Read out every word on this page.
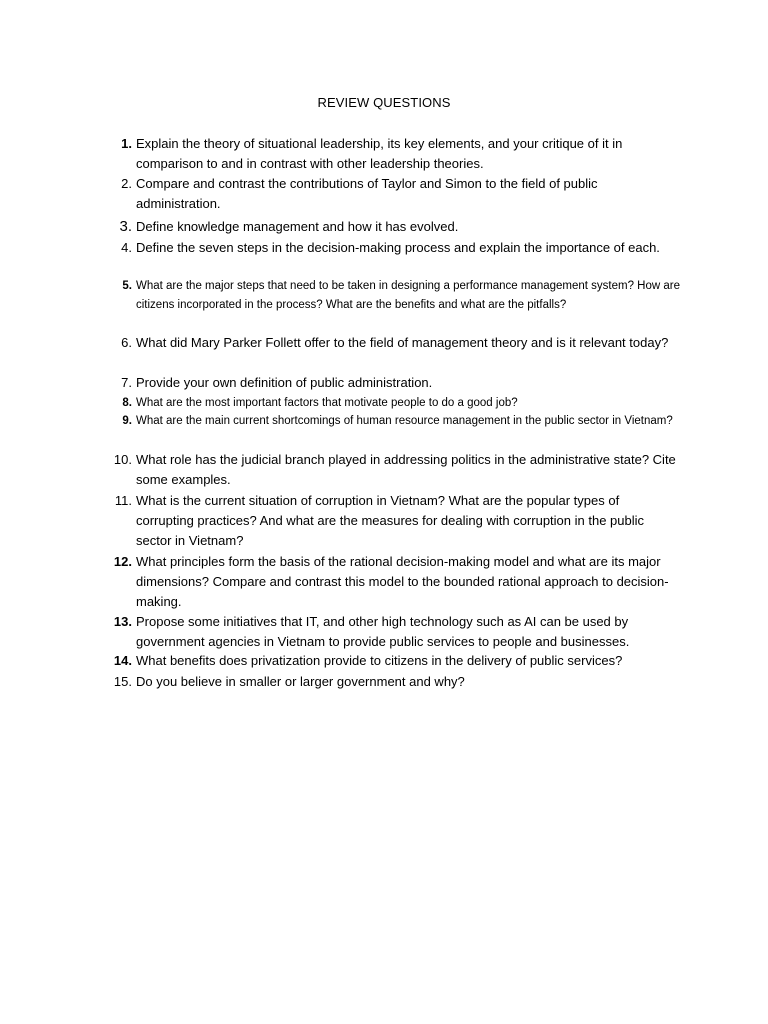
REVIEW QUESTIONS
1. Explain the theory of situational leadership, its key elements, and your critique of it in comparison to and in contrast with other leadership theories.
2. Compare and contrast the contributions of Taylor and Simon to the field of public administration.
3. Define knowledge management and how it has evolved.
4. Define the seven steps in the decision-making process and explain the importance of each.
5. What are the major steps that need to be taken in designing a performance management system? How are citizens incorporated in the process? What are the benefits and what are the pitfalls?
6. What did Mary Parker Follett offer to the field of management theory and is it relevant today?
7. Provide your own definition of public administration.
8. What are the most important factors that motivate people to do a good job?
9. What are the main current shortcomings of human resource management in the public sector in Vietnam?
10. What role has the judicial branch played in addressing politics in the administrative state? Cite some examples.
11. What is the current situation of corruption in Vietnam? What are the popular types of corrupting practices? And what are the measures for dealing with corruption in the public sector in Vietnam?
12. What principles form the basis of the rational decision-making model and what are its major dimensions? Compare and contrast this model to the bounded rational approach to decision-making.
13. Propose some initiatives that IT, and other high technology such as AI can be used by government agencies in Vietnam to provide public services to people and businesses.
14. What benefits does privatization provide to citizens in the delivery of public services?
15. Do you believe in smaller or larger government and why?
